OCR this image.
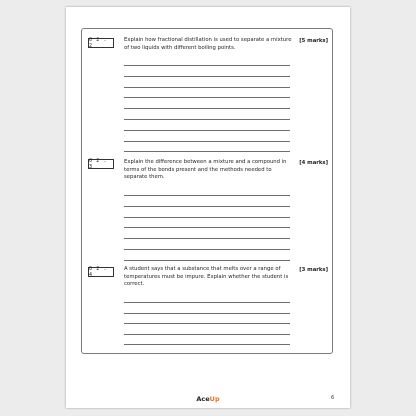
0 2 . 2
Explain how fractional distillation is used to separate a mixture of two liquids with different boiling points.
[5 marks]
0 2 . 3
Explain the difference between a mixture and a compound in terms of the bonds present and the methods needed to separate them.
[4 marks]
0 2 . 4
A student says that a substance that melts over a range of temperatures must be impure. Explain whether the student is correct.
[3 marks]
AceUp	6
